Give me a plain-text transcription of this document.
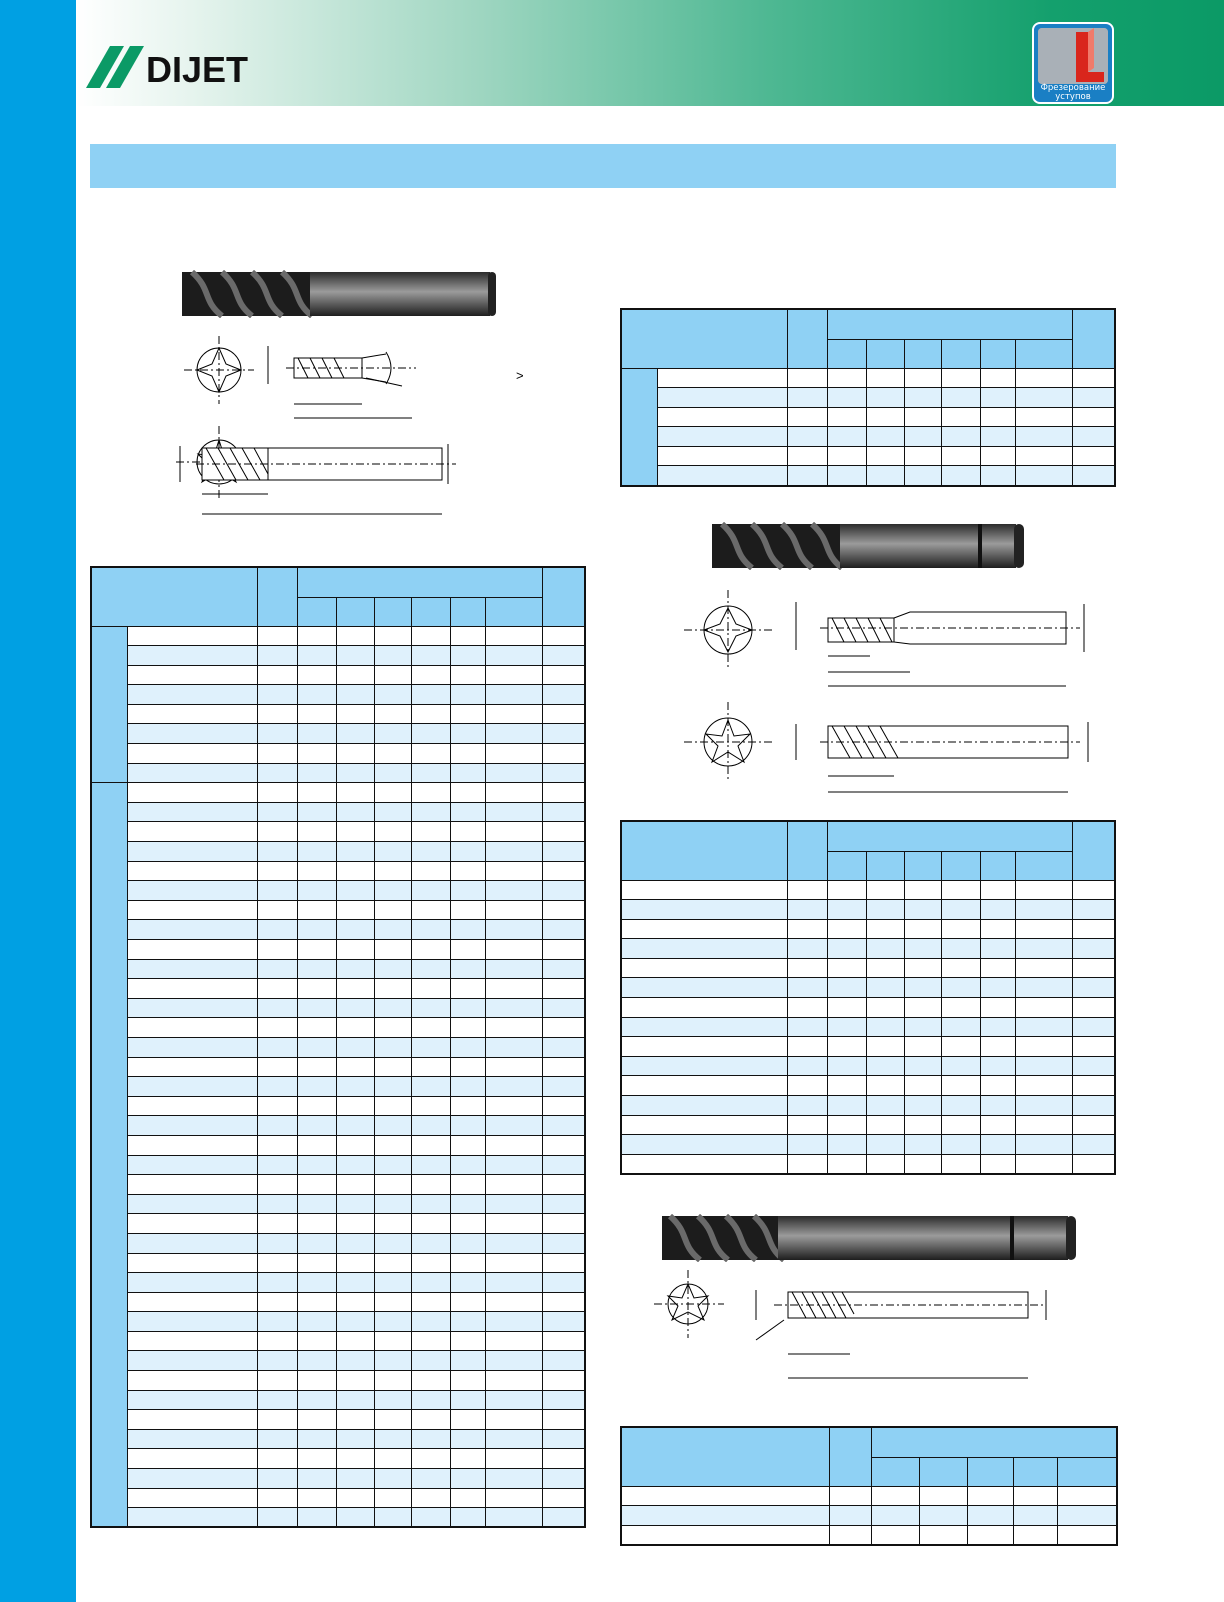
DIJET	Фрезерование
уступов
>
